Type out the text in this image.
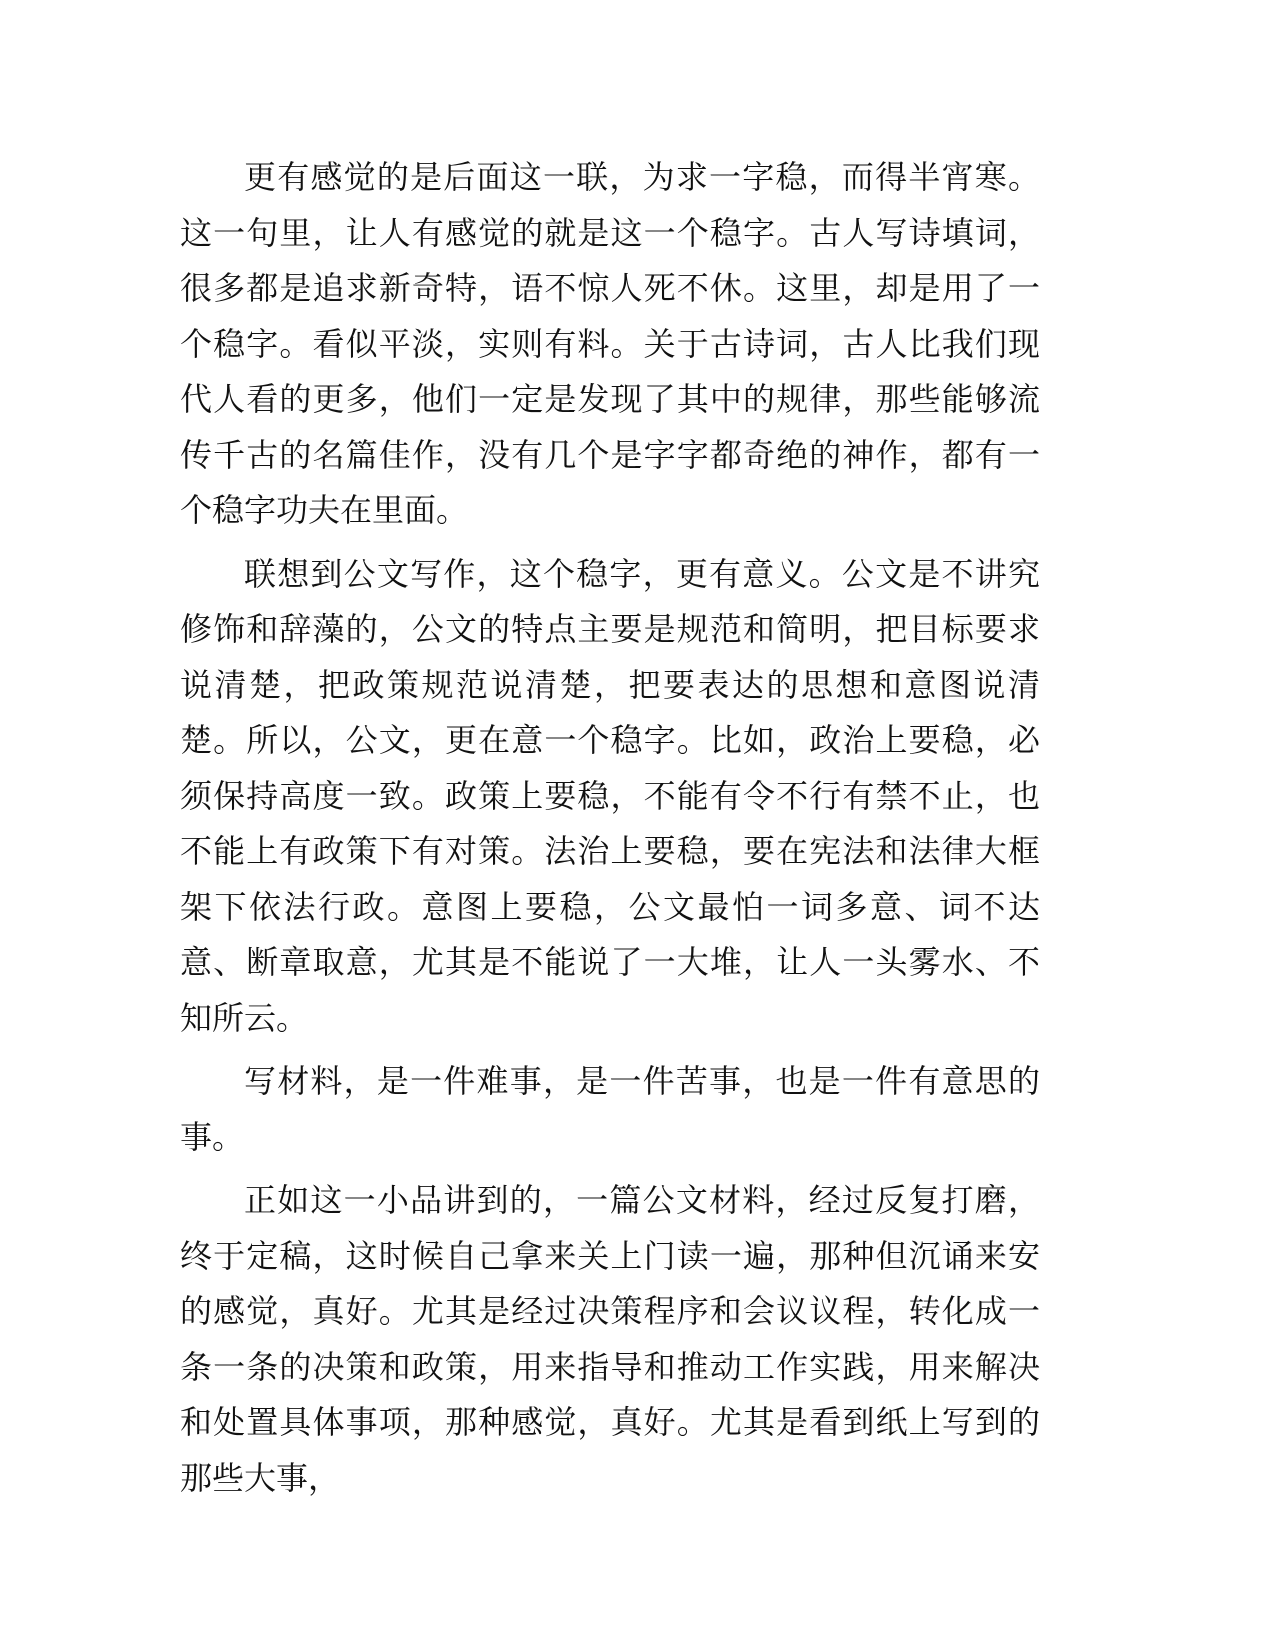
更有感觉的是后面这一联，为求一字稳，而得半宵寒。这一句里，让人有感觉的就是这一个稳字。古人写诗填词，很多都是追求新奇特，语不惊人死不休。这里，却是用了一个稳字。看似平淡，实则有料。关于古诗词，古人比我们现代人看的更多，他们一定是发现了其中的规律，那些能够流传千古的名篇佳作，没有几个是字字都奇绝的神作，都有一个稳字功夫在里面。

联想到公文写作，这个稳字，更有意义。公文是不讲究修饰和辞藻的，公文的特点主要是规范和简明，把目标要求说清楚，把政策规范说清楚，把要表达的思想和意图说清楚。所以，公文，更在意一个稳字。比如，政治上要稳，必须保持高度一致。政策上要稳，不能有令不行有禁不止，也不能上有政策下有对策。法治上要稳，要在宪法和法律大框架下依法行政。意图上要稳，公文最怕一词多意、词不达意、断章取意，尤其是不能说了一大堆，让人一头雾水、不知所云。

写材料，是一件难事，是一件苦事，也是一件有意思的事。

正如这一小品讲到的，一篇公文材料，经过反复打磨，终于定稿，这时候自己拿来关上门读一遍，那种但沉诵来安的感觉，真好。尤其是经过决策程序和会议议程，转化成一条一条的决策和政策，用来指导和推动工作实践，用来解决和处置具体事项，那种感觉，真好。尤其是看到纸上写到的那些大事，
